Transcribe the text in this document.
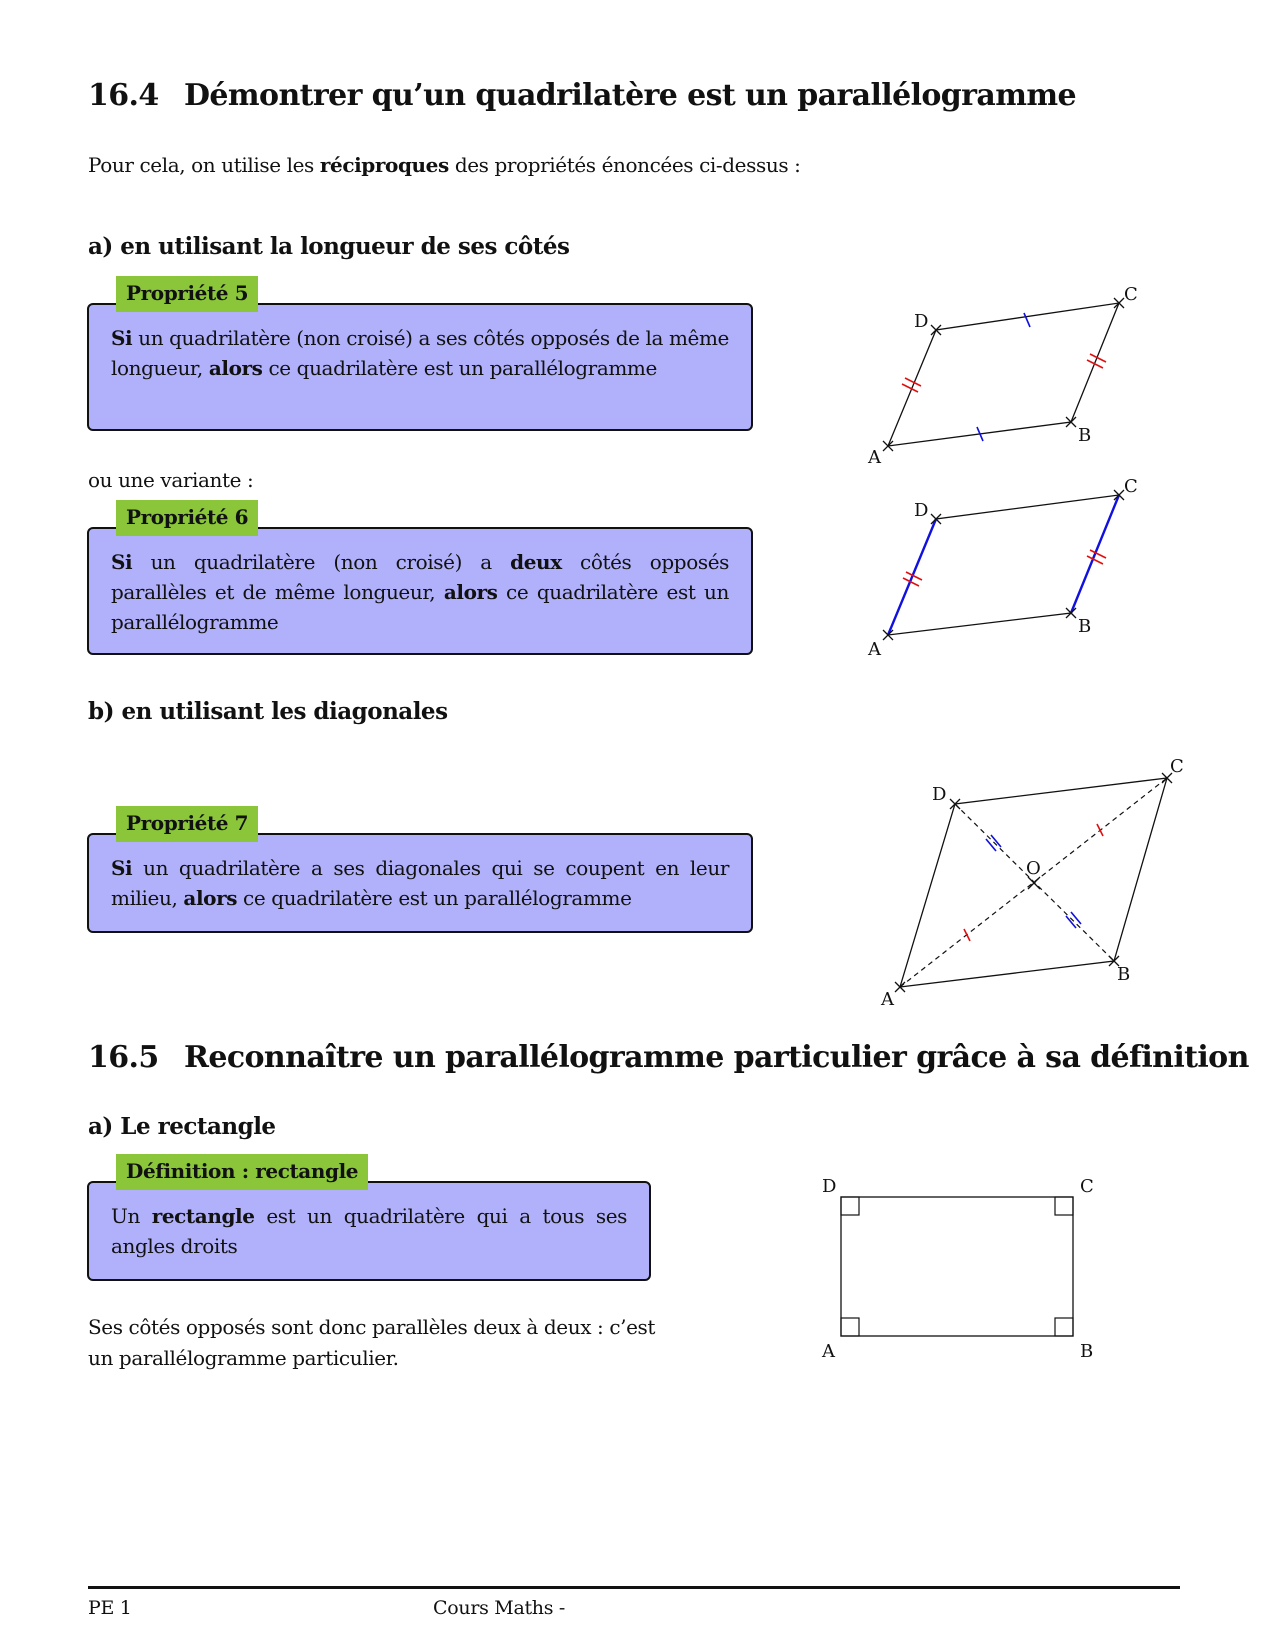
16.4 Démontrer qu’un quadrilatère est un parallélogramme
Pour cela, on utilise les réciproques des propriétés énoncées ci-dessus :
a) en utilisant la longueur de ses côtés
Si un quadrilatère (non croisé) a ses côtés opposés de la même longueur, alors ce quadrilatère est un parallélogramme
Propriété 5
ou une variante :
Si un quadrilatère (non croisé) a deux côtés opposés parallèles et de même longueur, alors ce quadrilatère est un parallélogramme
Propriété 6
b) en utilisant les diagonales
Si un quadrilatère a ses diagonales qui se coupent en leur milieu, alors ce quadrilatère est un parallélogramme
Propriété 7
A
B
C
D
A
B
C
D
A
B
C
D
O
16.5 Reconnaître un parallélogramme particulier grâce à sa définition
a) Le rectangle
Un rectangle est un quadrilatère qui a tous ses angles droits
Définition : rectangle
Ses côtés opposés sont donc parallèles deux à deux : c’est
un parallélogramme particulier.	A	B
C
D
PE 1	Cours Maths -
